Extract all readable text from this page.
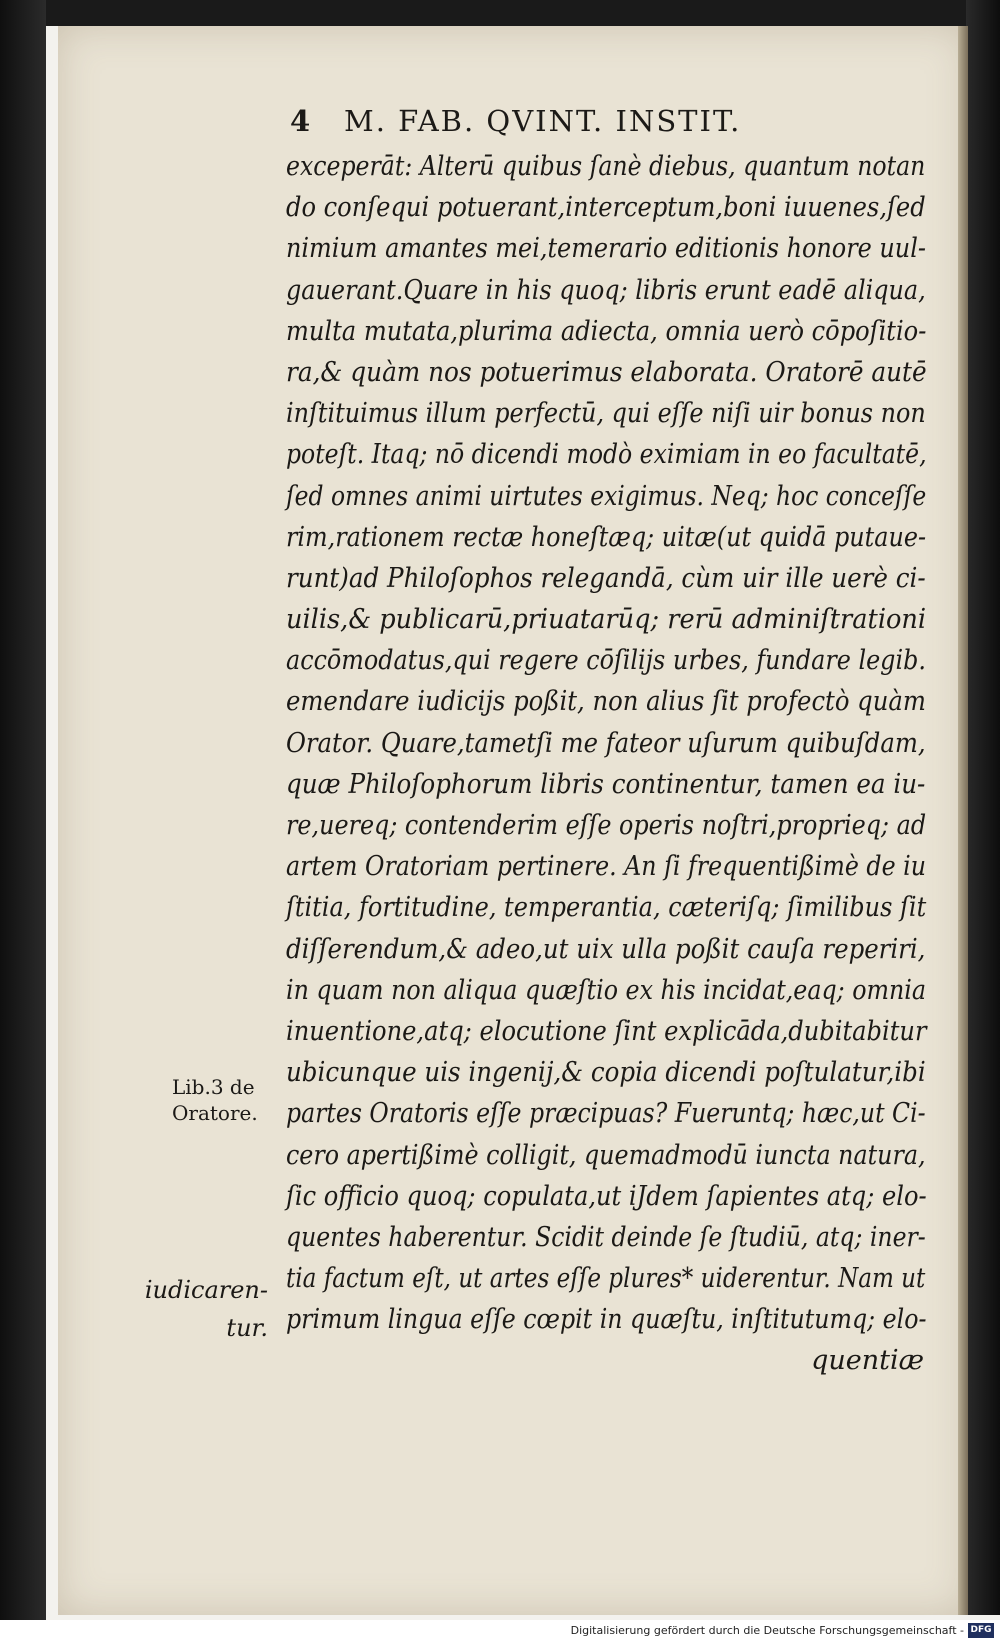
4 M. FAB. QVINT. INSTIT.
exceperāt: Alterū quibus ſanè diebus, quantum notan
do conſequi potuerant,interceptum,boni iuuenes,ſed
nimium amantes mei,temerario editionis honore uul-
gauerant.Quare in his quoq; libris erunt eadē aliqua,
multa mutata,plurima adiecta, omnia uerò cōpoſitio-
ra,& quàm nos potuerimus elaborata. Oratorē autē
inſtituimus illum perfectū, qui eſſe niſi uir bonus non
poteſt. Itaq; nō dicendi modò eximiam in eo facultatē,
ſed omnes animi uirtutes exigimus. Neq; hoc conceſſe
rim,rationem rectæ honeſtæq; uitæ(ut quidā putaue-
runt)ad Philoſophos relegandā, cùm uir ille uerè ci-
uilis,& publicarū,priuatarūq; rerū adminiſtrationi
accōmodatus,qui regere cōſilijs urbes, fundare legib.
emendare iudicijs poßit, non alius ſit profectò quàm
Orator. Quare,tametſi me fateor uſurum quibuſdam,
quæ Philoſophorum libris continentur, tamen ea iu-
re,uereq; contenderim eſſe operis noſtri,proprieq; ad
artem Oratoriam pertinere. An ſi frequentißimè de iu
ſtitia, fortitudine, temperantia, cæteriſq; ſimilibus ſit
diſſerendum,& adeo,ut uix ulla poßit cauſa reperiri,
in quam non aliqua quæſtio ex his incidat,eaq; omnia
inuentione,atq; elocutione ſint explicāda,dubitabitur
ubicunque uis ingenij,& copia dicendi poſtulatur,ibi
partes Oratoris eſſe præcipuas? Fueruntq; hæc,ut Ci-
cero apertißimè colligit, quemadmodū iuncta natura,
ſic officio quoq; copulata,ut iJdem ſapientes atq; elo-
quentes haberentur. Scidit deinde ſe ſtudiū, atq; iner-
tia factum eſt, ut artes eſſe plures* uiderentur. Nam ut
primum lingua eſſe cœpit in quæſtu, inſtitutumq; elo-
quentiæ
Lib.3 de
Oratore.
iudicaren-
tur.
Digitalisierung gefördert durch die Deutsche Forschungsgemeinschaft - DFG
